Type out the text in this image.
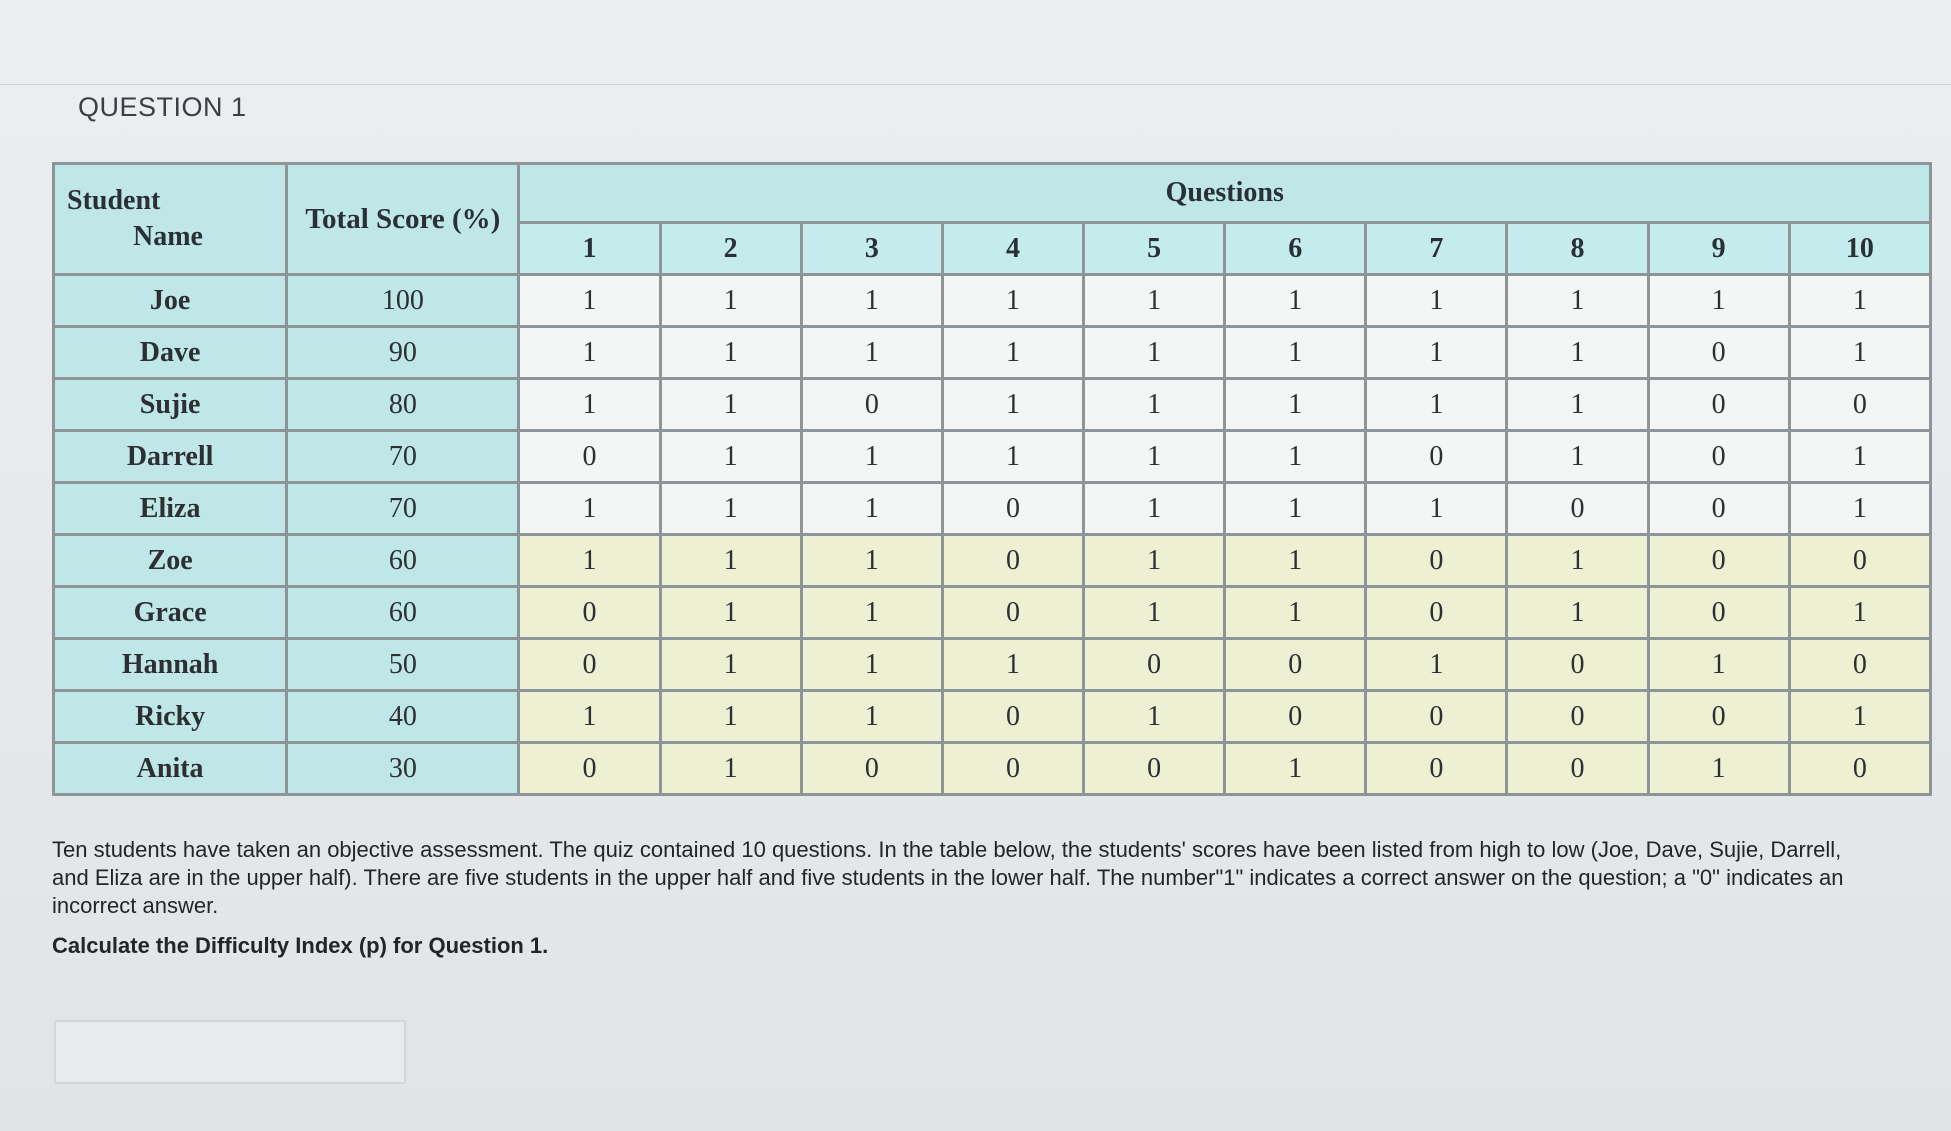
QUESTION 1
Student
Name	Total Score (%)	Questions									
		1	2	3	4	5	6	7	8	9	10
Joe	100	1	1	1	1	1	1	1	1	1	1
Dave	90	1	1	1	1	1	1	1	1	0	1
Sujie	80	1	1	0	1	1	1	1	1	0	0
Darrell	70	0	1	1	1	1	1	0	1	0	1
Eliza	70	1	1	1	0	1	1	1	0	0	1
Zoe	60	1	1	1	0	1	1	0	1	0	0
Grace	60	0	1	1	0	1	1	0	1	0	1
Hannah	50	0	1	1	1	0	0	1	0	1	0
Ricky	40	1	1	1	0	1	0	0	0	0	1
Anita	30	0	1	0	0	0	1	0	0	1	0

Ten students have taken an objective assessment. The quiz contained 10 questions. In the table below, the students' scores have been listed from high to low (Joe, Dave, Sujie, Darrell, and Eliza are in the upper half). There are five students in the upper half and five students in the lower half. The number"1" indicates a correct answer on the question; a "0" indicates an incorrect answer.

Calculate the Difficulty Index (p) for Question 1.
